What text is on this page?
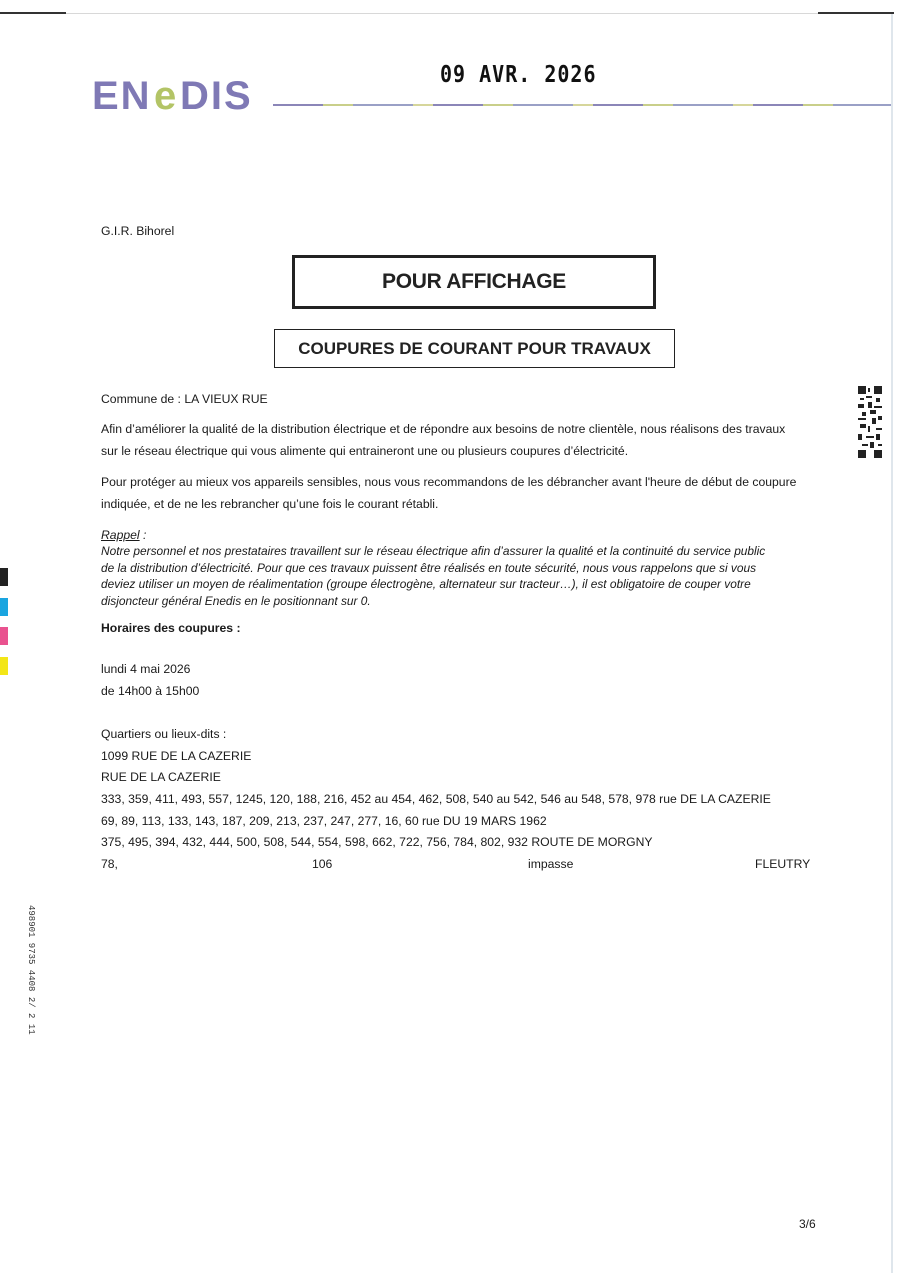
EN e DIS	09 AVR. 2026
G.I.R. Bihorel
POUR AFFICHAGE
COUPURES DE COURANT POUR TRAVAUX
Commune de : LA VIEUX RUE
Afin d’améliorer la qualité de la distribution électrique et de répondre aux besoins de notre clientèle, nous réalisons des travaux
sur le réseau électrique qui vous alimente qui entraineront une ou plusieurs coupures d’électricité.
Pour protéger au mieux vos appareils sensibles, nous vous recommandons de les débrancher avant l'heure de début de coupure
indiquée, et de ne les rebrancher qu’une fois le courant rétabli.
Rappel :
Notre personnel et nos prestataires travaillent sur le réseau électrique afin d’assurer la qualité et la continuité du service public
de la distribution d’électricité. Pour que ces travaux puissent être réalisés en toute sécurité, nous vous rappelons que si vous
deviez utiliser un moyen de réalimentation (groupe électrogène, alternateur sur tracteur…), il est obligatoire de couper votre
disjoncteur général Enedis en le positionnant sur 0.
Horaires des coupures :
lundi 4 mai 2026
de 14h00 à 15h00
Quartiers ou lieux-dits :
1099 RUE DE LA CAZERIE
RUE DE LA CAZERIE
333, 359, 411, 493, 557, 1245, 120, 188, 216, 452 au 454, 462, 508, 540 au 542, 546 au 548, 578, 978 rue DE LA CAZERIE
69, 89, 113, 133, 143, 187, 209, 213, 237, 247, 277, 16, 60 rue DU 19 MARS 1962
375, 495, 394, 432, 444, 500, 508, 544, 554, 598, 662, 722, 756, 784, 802, 932 ROUTE DE MORGNY
78,	106	impasse	FLEUTRY
498901 9735 4408 2/ 2 11
3/6
